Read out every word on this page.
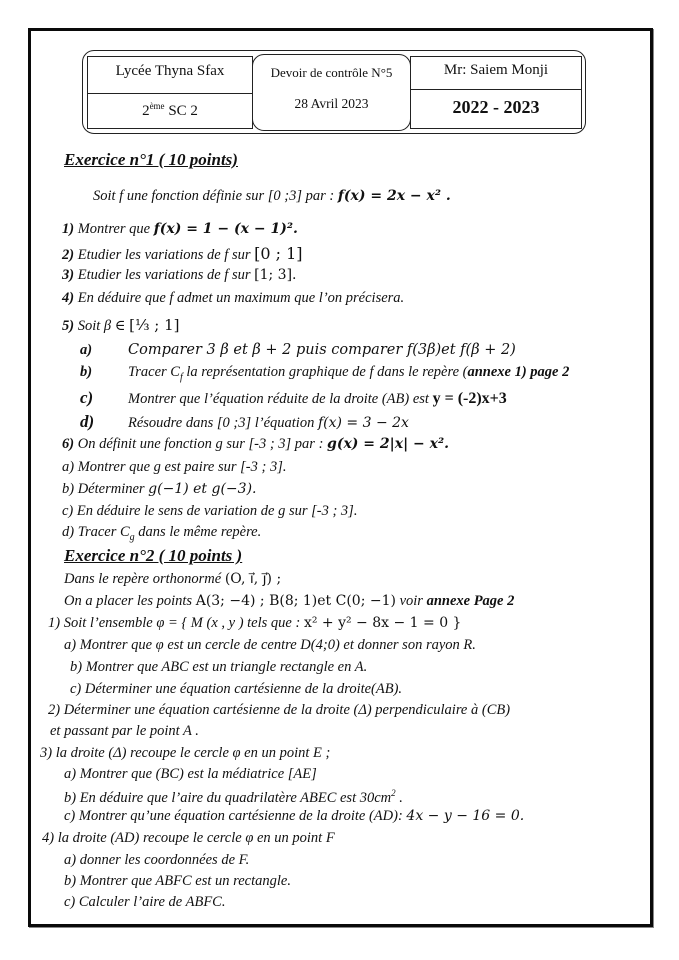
Lycée Thyna Sfax
2ème SC 2
Devoir de contrôle N°5
28 Avril 2023
Mr: Saiem Monji
2022 - 2023
Exercice n°1 ( 10 points)
Soit f une fonction définie sur [0 ;3] par : f(x) = 2x − x² .
1) Montrer que f(x) = 1 − (x − 1)².
2) Etudier les variations de f sur [0 ; 1]
3) Etudier les variations de f sur [1; 3].
4) En déduire que f admet un maximum que l’on précisera.
5) Soit β ∈ [⅓ ; 1]
a) Comparer 3 β et β + 2 puis comparer f(3β)et f(β + 2)
b) Tracer $C_f$ la représentation graphique de f dans le repère (annexe 1) page 2
c) Montrer que l’équation réduite de la droite (AB) est y = (-2)x+3
d) Résoudre dans [0 ;3] l’équation f(x) = 3 − 2x
6) On définit une fonction g sur [-3 ; 3] par : g(x) = 2|x| − x².
a) Montrer que g est paire sur [-3 ; 3].
b) Déterminer g(−1) et g(−3).
c) En déduire le sens de variation de g sur [-3 ; 3].
d) Tracer $C_g$ dans le même repère.
Exercice n°2 ( 10 points )
Dans le repère orthonormé (O, i⃗, j⃗) ;
On a placer les points A(3; −4) ; B(8; 1)et C(0; −1) voir annexe Page 2
1) Soit l’ensemble φ = { M (x , y ) tels que : x² + y² − 8x − 1 = 0 }
a) Montrer que φ est un cercle de centre D(4;0) et donner son rayon R.
b) Montrer que ABC est un triangle rectangle en A.
c) Déterminer une équation cartésienne de la droite(AB).
2) Déterminer une équation cartésienne de la droite (Δ) perpendiculaire à (CB)
et passant par le point A .
3) la droite (Δ) recoupe le cercle φ en un point E ;
a) Montrer que (BC) est la médiatrice [AE]
b) En déduire que l’aire du quadrilatère ABEC est $30cm^2$ .
c) Montrer qu’une équation cartésienne de la droite (AD): 4x − y − 16 = 0.
4) la droite (AD) recoupe le cercle φ en un point F
a) donner les coordonnées de F.
b) Montrer que ABFC est un rectangle.
c) Calculer l’aire de ABFC.
